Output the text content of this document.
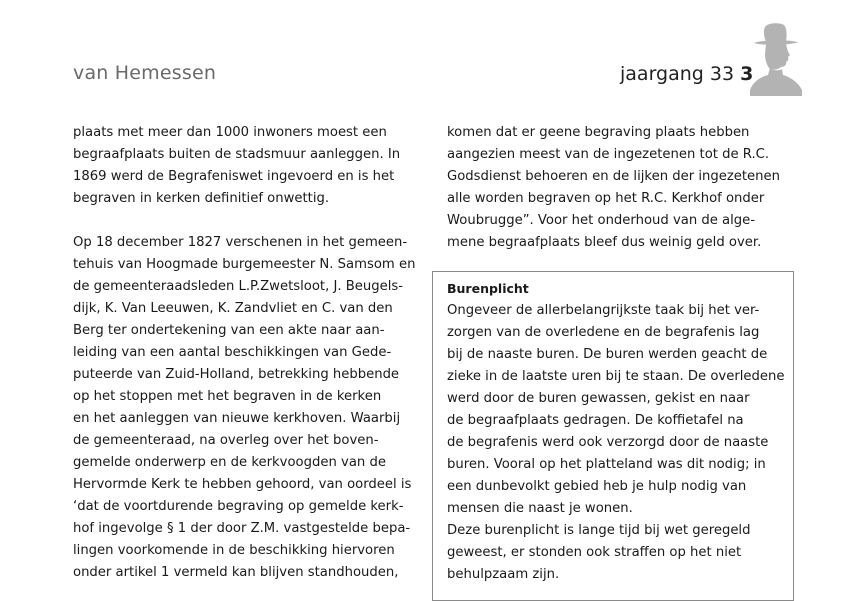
van Hemessen	jaargang 33 3
plaats met meer dan 1000 inwoners moest een
begraafplaats buiten de stadsmuur aanleggen. In
1869 werd de Begrafeniswet ingevoerd en is het
begraven in kerken definitief onwettig.
Op 18 december 1827 verschenen in het gemeen-
tehuis van Hoogmade burgemeester N. Samsom en
de gemeenteraadsleden L.P.Zwetsloot, J. Beugels-
dijk, K. Van Leeuwen, K. Zandvliet en C. van den
Berg ter ondertekening van een akte naar aan-
leiding van een aantal beschikkingen van Gede-
puteerde van Zuid-Holland, betrekking hebbende
op het stoppen met het begraven in de kerken
en het aanleggen van nieuwe kerkhoven. Waarbij
de gemeenteraad, na overleg over het boven-
gemelde onderwerp en de kerkvoogden van de
Hervormde Kerk te hebben gehoord, van oordeel is
‘dat de voortdurende begraving op gemelde kerk-
hof ingevolge § 1 der door Z.M. vastgestelde bepa-
lingen voorkomende in de beschikking hiervoren
onder artikel 1 vermeld kan blijven standhouden,
komen dat er geene begraving plaats hebben
aangezien meest van de ingezetenen tot de R.C.
Godsdienst behoeren en de lijken der ingezetenen
alle worden begraven op het R.C. Kerkhof onder
Woubrugge”. Voor het onderhoud van de alge-
mene begraafplaats bleef dus weinig geld over.
Burenplicht
Ongeveer de allerbelangrijkste taak bij het ver-
zorgen van de overledene en de begrafenis lag
bij de naaste buren. De buren werden geacht de
zieke in de laatste uren bij te staan. De overledene
werd door de buren gewassen, gekist en naar
de begraafplaats gedragen. De koffietafel na
de begrafenis werd ook verzorgd door de naaste
buren. Vooral op het platteland was dit nodig; in
een dunbevolkt gebied heb je hulp nodig van
mensen die naast je wonen.
Deze burenplicht is lange tijd bij wet geregeld
geweest, er stonden ook straffen op het niet
behulpzaam zijn.
